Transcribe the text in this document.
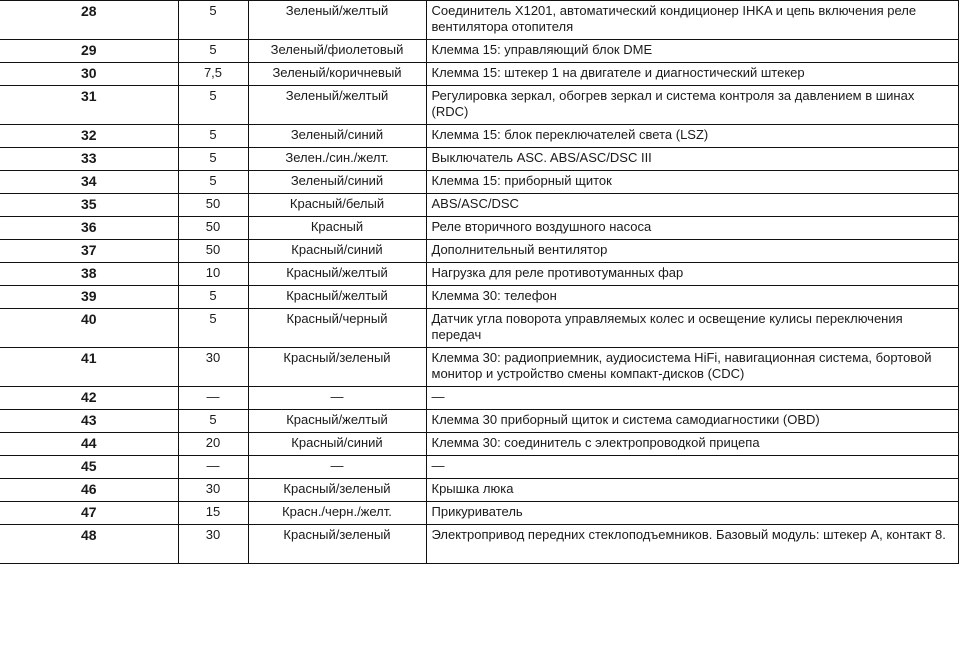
28	5	Зеленый/желтый	Соединитель X1201, автоматический кондиционер IHKA и цепь включения реле вентилятора отопителя
29	5	Зеленый/фиолетовый	Клемма 15: управляющий блок DME
30	7,5	Зеленый/коричневый	Клемма 15: штекер 1 на двигателе и диагностический штекер
31	5	Зеленый/желтый	Регулировка зеркал, обогрев зеркал и система контроля за давлением в шинах (RDC)
32	5	Зеленый/синий	Клемма 15: блок переключателей света (LSZ)
33	5	Зелен./син./желт.	Выключатель ASC. ABS/ASC/DSC III
34	5	Зеленый/синий	Клемма 15: приборный щиток
35	50	Красный/белый	ABS/ASC/DSC
36	50	Красный	Реле вторичного воздушного насоса
37	50	Красный/синий	Дополнительный вентилятор
38	10	Красный/желтый	Нагрузка для реле противотуманных фар
39	5	Красный/желтый	Клемма 30: телефон
40	5	Красный/черный	Датчик угла поворота управляемых колес и освещение кулисы переключения передач
41	30	Красный/зеленый	Клемма 30: радиоприемник, аудиосистема HiFi, навигационная система, бортовой монитор и устройство смены компакт-дисков (CDC)
42	—	—	—
43	5	Красный/желтый	Клемма 30 приборный щиток и система самодиагностики (OBD)
44	20	Красный/синий	Клемма 30: соединитель с электропроводкой прицепа
45	—	—	—
46	30	Красный/зеленый	Крышка люка
47	15	Красн./черн./желт.	Прикуриватель
48	30	Красный/зеленый	Электропривод передних стеклоподъемников. Базовый модуль: штекер А, контакт 8.
